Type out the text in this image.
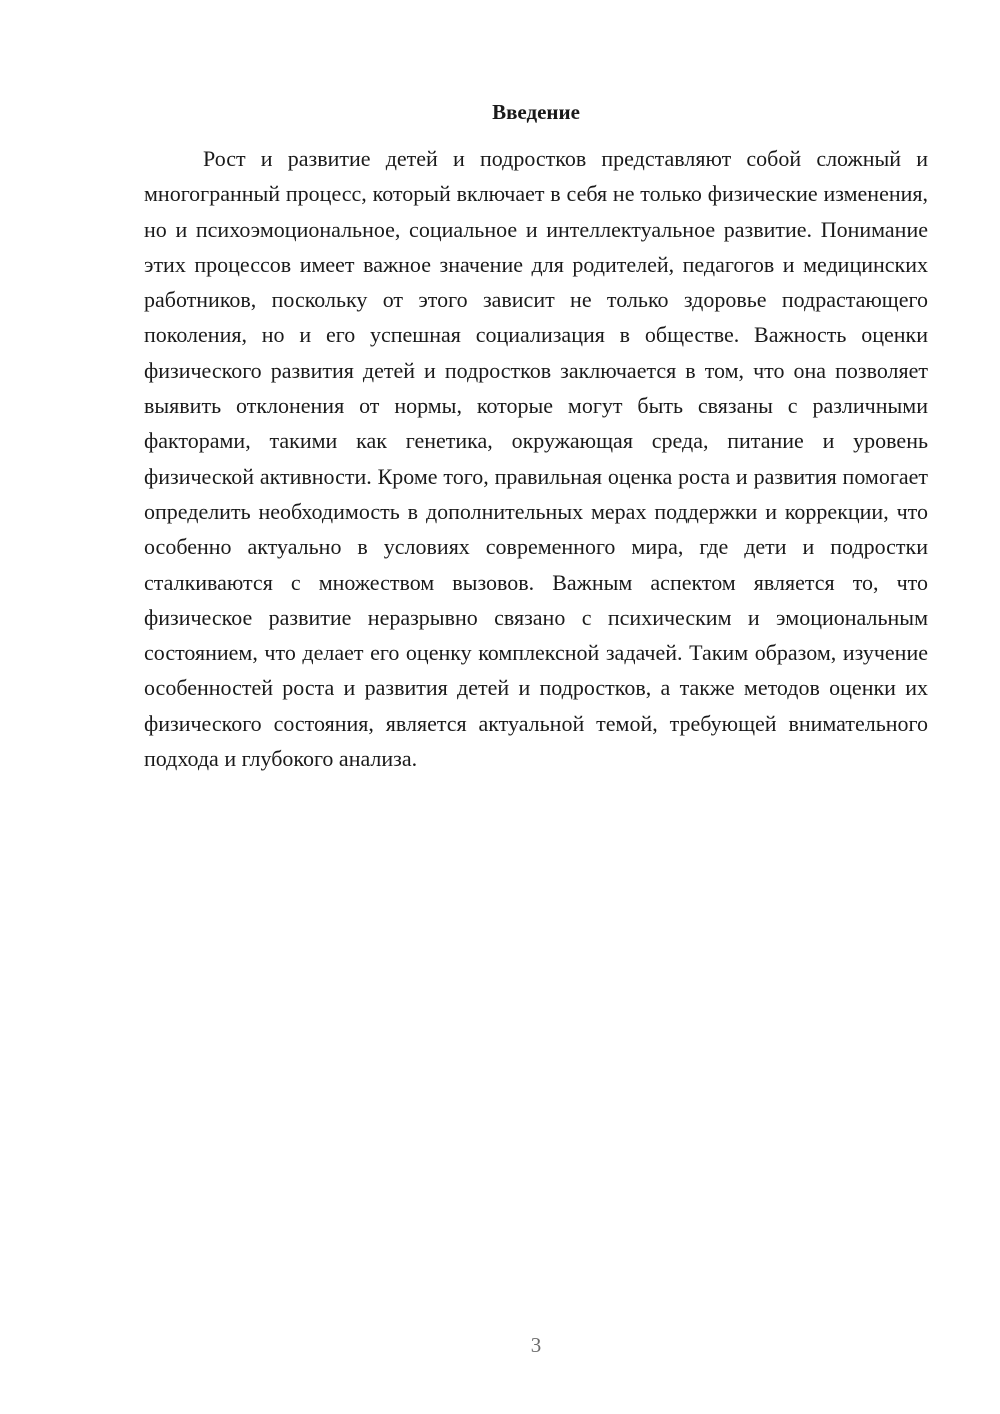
Введение

Рост и развитие детей и подростков представляют собой сложный и многогранный процесс, который включает в себя не только физические изменения, но и психоэмоциональное, социальное и интеллектуальное развитие. Понимание этих процессов имеет важное значение для родителей, педагогов и медицинских работников, поскольку от этого зависит не только здоровье подрастающего поколения, но и его успешная социализация в обществе. Важность оценки физического развития детей и подростков заключается в том, что она позволяет выявить отклонения от нормы, которые могут быть связаны с различными факторами, такими как генетика, окружающая среда, питание и уровень физической активности. Кроме того, правильная оценка роста и развития помогает определить необходимость в дополнительных мерах поддержки и коррекции, что особенно актуально в условиях современного мира, где дети и подростки сталкиваются с множеством вызовов. Важным аспектом является то, что физическое развитие неразрывно связано с психическим и эмоциональным состоянием, что делает его оценку комплексной задачей. Таким образом, изучение особенностей роста и развития детей и подростков, а также методов оценки их физического состояния, является актуальной темой, требующей внимательного подхода и глубокого анализа.

3
